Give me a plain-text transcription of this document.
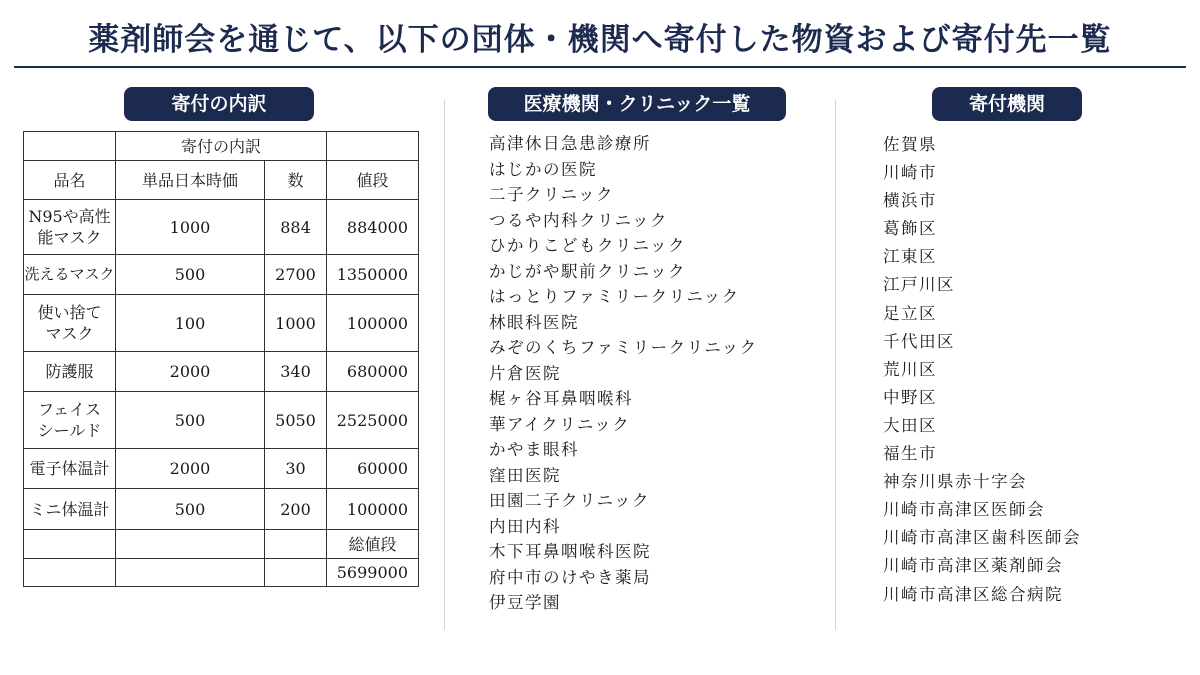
薬剤師会を通じて、以下の団体・機関へ寄付した物資および寄付先一覧
寄付の内訳	医療機関・クリニック一覧	寄付機関
	寄付の内訳		
品名	単品日本時価	数	値段
N95や高性能マスク	1000	884	884000
洗えるマスク	500	2700	1350000
使い捨てマスク	100	1000	100000
防護服	2000	340	680000
フェイスシールド	500	5050	2525000
電子体温計	2000	30	60000
ミニ体温計	500	200	100000
			総値段
			5699000
高津休日急患診療所
はじかの医院
二子クリニック
つるや内科クリニック
ひかりこどもクリニック
かじがや駅前クリニック
はっとりファミリークリニック
林眼科医院
みぞのくちファミリークリニック
片倉医院
梶ヶ谷耳鼻咽喉科
華アイクリニック
かやま眼科
窪田医院
田園二子クリニック
内田内科
木下耳鼻咽喉科医院
府中市のけやき薬局
伊豆学園
佐賀県
川崎市
横浜市
葛飾区
江東区
江戸川区
足立区
千代田区
荒川区
中野区
大田区
福生市
神奈川県赤十字会
川崎市高津区医師会
川崎市高津区歯科医師会
川崎市高津区薬剤師会
川崎市高津区総合病院
